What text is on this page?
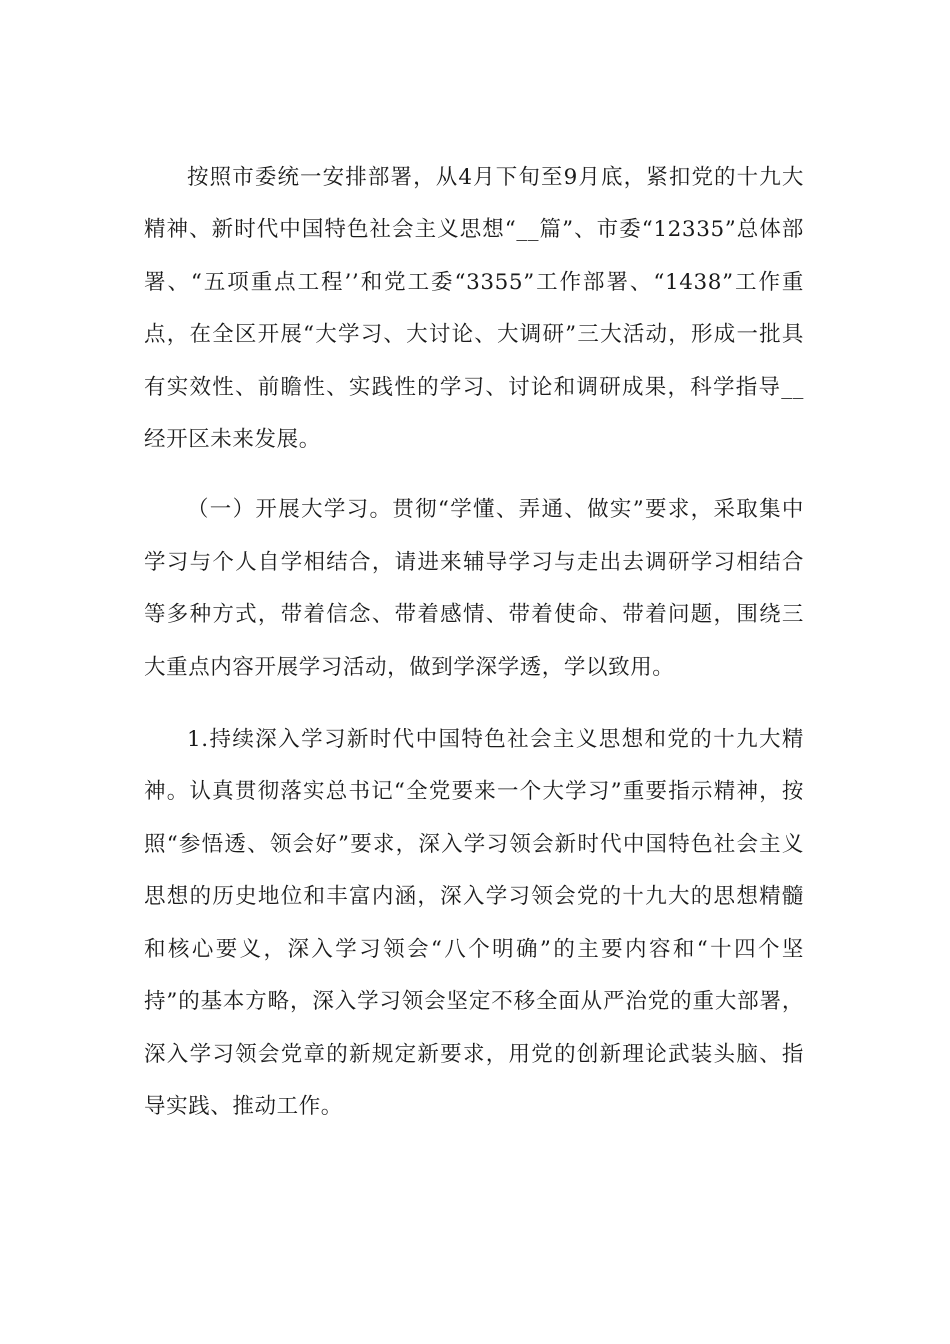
按照市委统一安排部署，从4月下旬至9月底，紧扣党的十九大精神、新时代中国特色社会主义思想“__篇”、市委“12335”总体部署、“五项重点工程’’和党工委“3355”工作部署、“1438”工作重点，在全区开展“大学习、大讨论、大调研”三大活动，形成一批具有实效性、前瞻性、实践性的学习、讨论和调研成果，科学指导__经开区未来发展。

（一）开展大学习。贯彻“学懂、弄通、做实”要求，采取集中学习与个人自学相结合，请进来辅导学习与走出去调研学习相结合等多种方式，带着信念、带着感情、带着使命、带着问题，围绕三大重点内容开展学习活动，做到学深学透，学以致用。

1.持续深入学习新时代中国特色社会主义思想和党的十九大精神。认真贯彻落实总书记“全党要来一个大学习”重要指示精神，按照“参悟透、领会好”要求，深入学习领会新时代中国特色社会主义思想的历史地位和丰富内涵，深入学习领会党的十九大的思想精髓和核心要义，深入学习领会“八个明确”的主要内容和“十四个坚持”的基本方略，深入学习领会坚定不移全面从严治党的重大部署，深入学习领会党章的新规定新要求，用党的创新理论武装头脑、指导实践、推动工作。
